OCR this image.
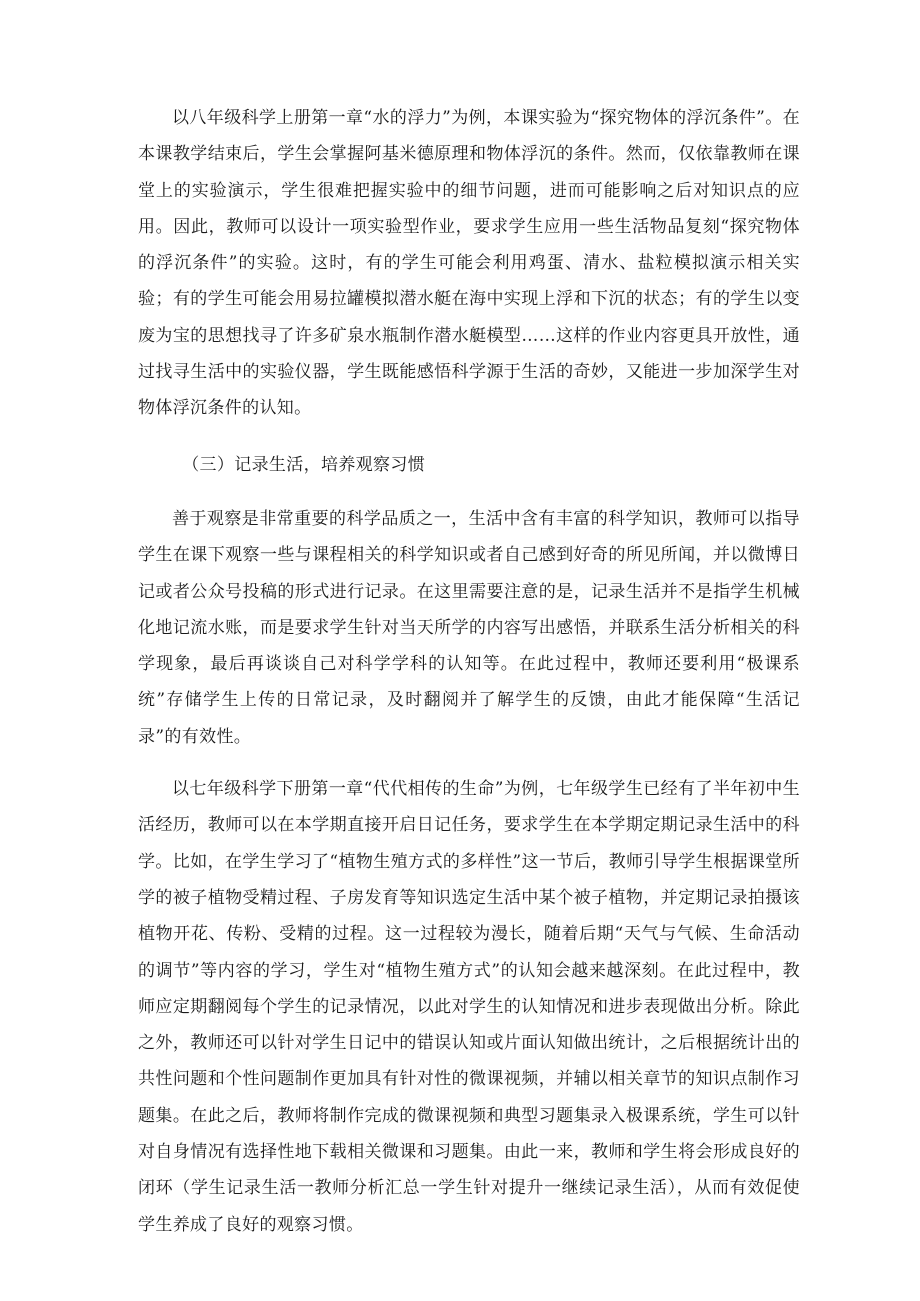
以八年级科学上册第一章“水的浮力”为例，本课实验为“探究物体的浮沉条件”。在本课教学结束后，学生会掌握阿基米德原理和物体浮沉的条件。然而，仅依靠教师在课堂上的实验演示，学生很难把握实验中的细节问题，进而可能影响之后对知识点的应用。因此，教师可以设计一项实验型作业，要求学生应用一些生活物品复刻“探究物体的浮沉条件”的实验。这时，有的学生可能会利用鸡蛋、清水、盐粒模拟演示相关实验；有的学生可能会用易拉罐模拟潜水艇在海中实现上浮和下沉的状态；有的学生以变废为宝的思想找寻了许多矿泉水瓶制作潜水艇模型……这样的作业内容更具开放性，通过找寻生活中的实验仪器，学生既能感悟科学源于生活的奇妙，又能进一步加深学生对物体浮沉条件的认知。

（三）记录生活，培养观察习惯

善于观察是非常重要的科学品质之一，生活中含有丰富的科学知识，教师可以指导学生在课下观察一些与课程相关的科学知识或者自己感到好奇的所见所闻，并以微博日记或者公众号投稿的形式进行记录。在这里需要注意的是，记录生活并不是指学生机械化地记流水账，而是要求学生针对当天所学的内容写出感悟，并联系生活分析相关的科学现象，最后再谈谈自己对科学学科的认知等。在此过程中，教师还要利用“极课系统”存储学生上传的日常记录，及时翻阅并了解学生的反馈，由此才能保障“生活记录”的有效性。

以七年级科学下册第一章“代代相传的生命”为例，七年级学生已经有了半年初中生活经历，教师可以在本学期直接开启日记任务，要求学生在本学期定期记录生活中的科学。比如，在学生学习了“植物生殖方式的多样性”这一节后，教师引导学生根据课堂所学的被子植物受精过程、子房发育等知识选定生活中某个被子植物，并定期记录拍摄该植物开花、传粉、受精的过程。这一过程较为漫长，随着后期“天气与气候、生命活动的调节”等内容的学习，学生对“植物生殖方式”的认知会越来越深刻。在此过程中，教师应定期翻阅每个学生的记录情况，以此对学生的认知情况和进步表现做出分析。除此之外，教师还可以针对学生日记中的错误认知或片面认知做出统计，之后根据统计出的共性问题和个性问题制作更加具有针对性的微课视频，并辅以相关章节的知识点制作习题集。在此之后，教师将制作完成的微课视频和典型习题集录入极课系统，学生可以针对自身情况有选择性地下载相关微课和习题集。由此一来，教师和学生将会形成良好的闭环（学生记录生活一教师分析汇总一学生针对提升一继续记录生活），从而有效促使学生养成了良好的观察习惯。
